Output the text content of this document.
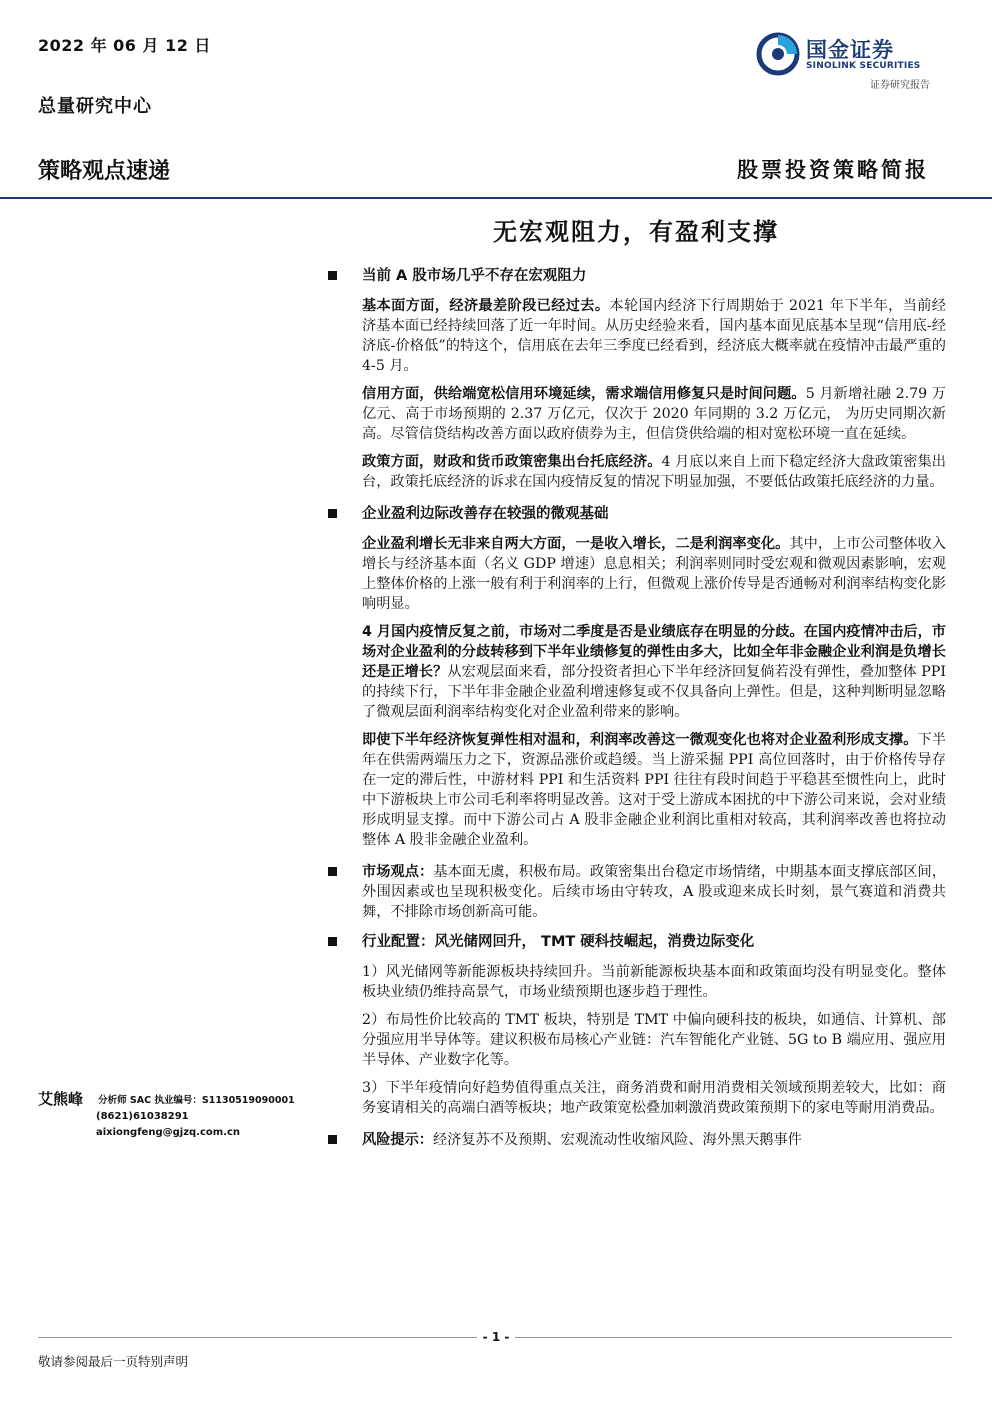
2022 年 06 月 12 日
总量研究中心
国金证券
SINOLINK SECURITIES
证券研究报告
策略观点速递	股票投资策略简报
无宏观阻力，有盈利支撑
当前 A 股市场几乎不存在宏观阻力

基本面方面，经济最差阶段已经过去。本轮国内经济下行周期始于 2021 年下半年，当前经济基本面已经持续回落了近一年时间。从历史经验来看，国内基本面见底基本呈现“信用底-经济底-价格低”的特这个，信用底在去年三季度已经看到，经济底大概率就在疫情冲击最严重的 4-5 月。

信用方面，供给端宽松信用环境延续，需求端信用修复只是时间问题。5 月新增社融 2.79 万亿元、高于市场预期的 2.37 万亿元，仅次于 2020 年同期的 3.2 万亿元， 为历史同期次新高。尽管信贷结构改善方面以政府债券为主，但信贷供给端的相对宽松环境一直在延续。

政策方面，财政和货币政策密集出台托底经济。4 月底以来自上而下稳定经济大盘政策密集出台，政策托底经济的诉求在国内疫情反复的情况下明显加强，不要低估政策托底经济的力量。

企业盈利边际改善存在较强的微观基础

企业盈利增长无非来自两大方面，一是收入增长，二是利润率变化。其中，上市公司整体收入增长与经济基本面（名义 GDP 增速）息息相关；利润率则同时受宏观和微观因素影响，宏观上整体价格的上涨一般有利于利润率的上行，但微观上涨价传导是否通畅对利润率结构变化影响明显。

4 月国内疫情反复之前，市场对二季度是否是业绩底存在明显的分歧。在国内疫情冲击后，市场对企业盈利的分歧转移到下半年业绩修复的弹性由多大，比如全年非金融企业利润是负增长还是正增长？从宏观层面来看，部分投资者担心下半年经济回复倘若没有弹性，叠加整体 PPI 的持续下行，下半年非金融企业盈利增速修复或不仅具备向上弹性。但是，这种判断明显忽略了微观层面利润率结构变化对企业盈利带来的影响。

即使下半年经济恢复弹性相对温和，利润率改善这一微观变化也将对企业盈利形成支撑。下半年在供需两端压力之下，资源品涨价或趋缓。当上游采掘 PPI 高位回落时，由于价格传导存在一定的滞后性，中游材料 PPI 和生活资料 PPI 往往有段时间趋于平稳甚至惯性向上，此时中下游板块上市公司毛利率将明显改善。这对于受上游成本困扰的中下游公司来说，会对业绩形成明显支撑。而中下游公司占 A 股非金融企业利润比重相对较高，其利润率改善也将拉动整体 A 股非金融企业盈利。

市场观点：基本面无虞，积极布局。政策密集出台稳定市场情绪，中期基本面支撑底部区间，外围因素或也呈现积极变化。后续市场由守转攻，A 股或迎来成长时刻，景气赛道和消费共舞，不排除市场创新高可能。

行业配置：风光储网回升， TMT 硬科技崛起，消费边际变化

1）风光储网等新能源板块持续回升。当前新能源板块基本面和政策面均没有明显变化。整体板块业绩仍维持高景气，市场业绩预期也逐步趋于理性。

2）布局性价比较高的 TMT 板块，特别是 TMT 中偏向硬科技的板块，如通信、计算机、部分强应用半导体等。建议积极布局核心产业链：汽车智能化产业链、5G to B 端应用、强应用半导体、产业数字化等。

3）下半年疫情向好趋势值得重点关注，商务消费和耐用消费相关领域预期差较大，比如：商务宴请相关的高端白酒等板块；地产政策宽松叠加刺激消费政策预期下的家电等耐用消费品。

风险提示：经济复苏不及预期、宏观流动性收缩风险、海外黑天鹅事件

艾熊峰 分析师 SAC 执业编号：S1130519090001
(8621)61038291
aixiongfeng@gjzq.com.cn
- 1 -
敬请参阅最后一页特别声明
